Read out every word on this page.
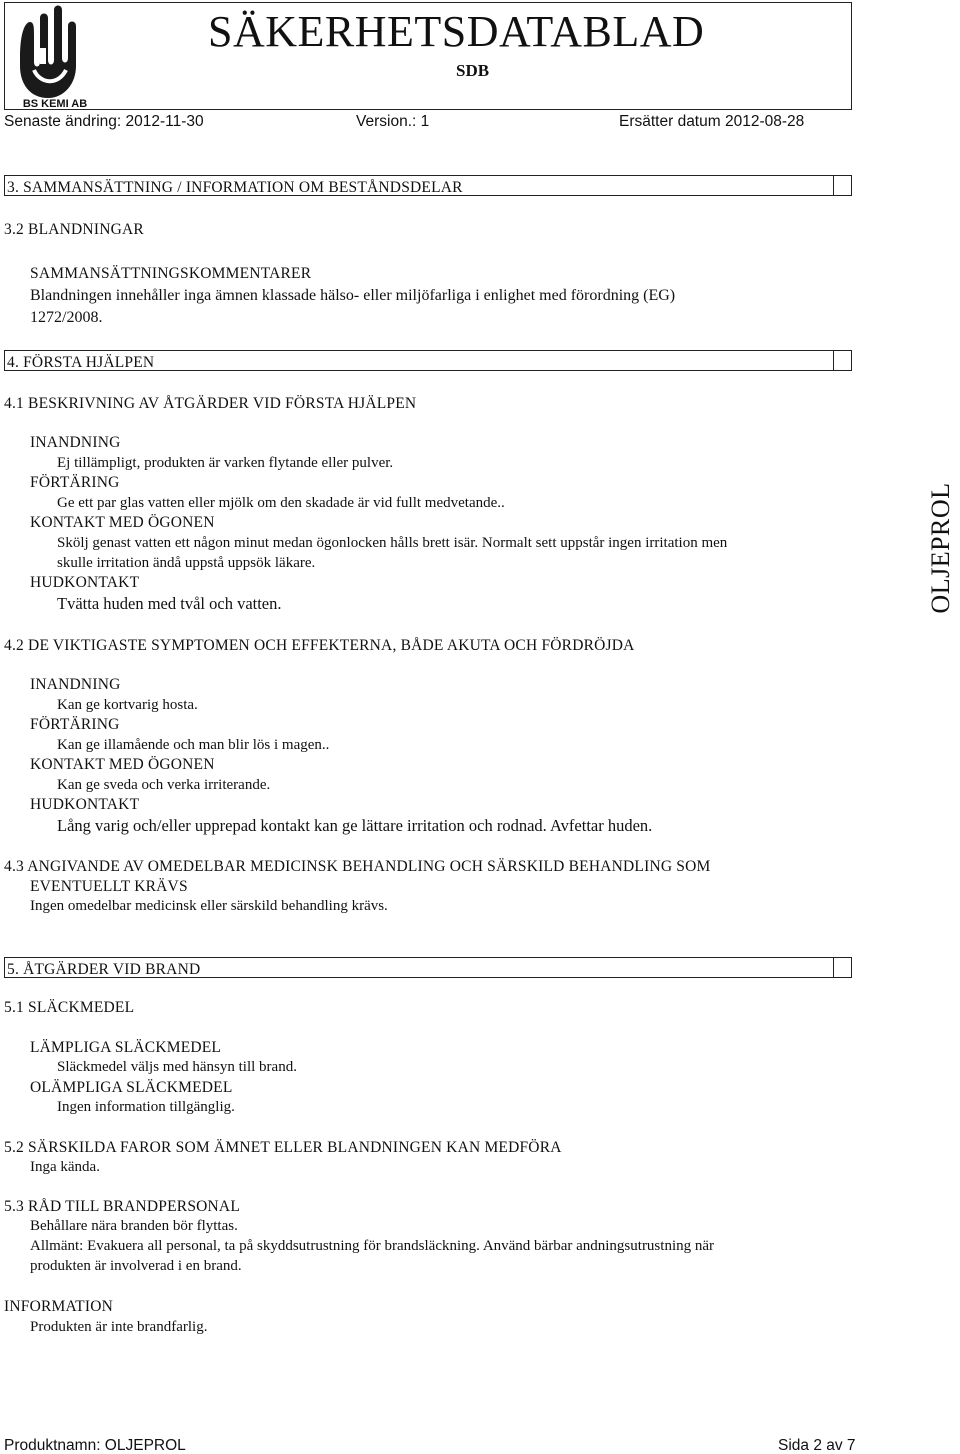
BS KEMI AB
SÄKERHETSDATABLAD
SDB
Senaste ändring: 2012-11-30	Version.: 1	Ersätter datum 2012-08-28
OLJEPROL
3. SAMMANSÄTTNING / INFORMATION OM BESTÅNDSDELAR
3.2 BLANDNINGAR
SAMMANSÄTTNINGSKOMMENTARER
Blandningen innehåller inga ämnen klassade hälso- eller miljöfarliga i enlighet med förordning (EG)
1272/2008.
4. FÖRSTA HJÄLPEN
4.1 BESKRIVNING AV ÅTGÄRDER VID FÖRSTA HJÄLPEN
INANDNING
Ej tillämpligt, produkten är varken flytande eller pulver.
FÖRTÄRING
Ge ett par glas vatten eller mjölk om den skadade är vid fullt medvetande..
KONTAKT MED ÖGONEN
Skölj genast vatten ett någon minut medan ögonlocken hålls brett isär. Normalt sett uppstår ingen irritation men
skulle irritation ändå uppstå uppsök läkare.
HUDKONTAKT
Tvätta huden med tvål och vatten.
4.2 DE VIKTIGASTE SYMPTOMEN OCH EFFEKTERNA, BÅDE AKUTA OCH FÖRDRÖJDA
INANDNING
Kan ge kortvarig hosta.
FÖRTÄRING
Kan ge illamående och man blir lös i magen..
KONTAKT MED ÖGONEN
Kan ge sveda och verka irriterande.
HUDKONTAKT
Lång varig och/eller upprepad kontakt kan ge lättare irritation och rodnad. Avfettar huden.
4.3 ANGIVANDE AV OMEDELBAR MEDICINSK BEHANDLING OCH SÄRSKILD BEHANDLING SOM
EVENTUELLT KRÄVS
Ingen omedelbar medicinsk eller särskild behandling krävs.
5. ÅTGÄRDER VID BRAND
5.1 SLÄCKMEDEL
LÄMPLIGA SLÄCKMEDEL
Släckmedel väljs med hänsyn till brand.
OLÄMPLIGA SLÄCKMEDEL
Ingen information tillgänglig.
5.2 SÄRSKILDA FAROR SOM ÄMNET ELLER BLANDNINGEN KAN MEDFÖRA
Inga kända.
5.3 RÅD TILL BRANDPERSONAL
Behållare nära branden bör flyttas.
Allmänt: Evakuera all personal, ta på skyddsutrustning för brandsläckning. Använd bärbar andningsutrustning när
produkten är involverad i en brand.
INFORMATION
Produkten är inte brandfarlig.
Produktnamn: OLJEPROL	Sida 2 av 7
